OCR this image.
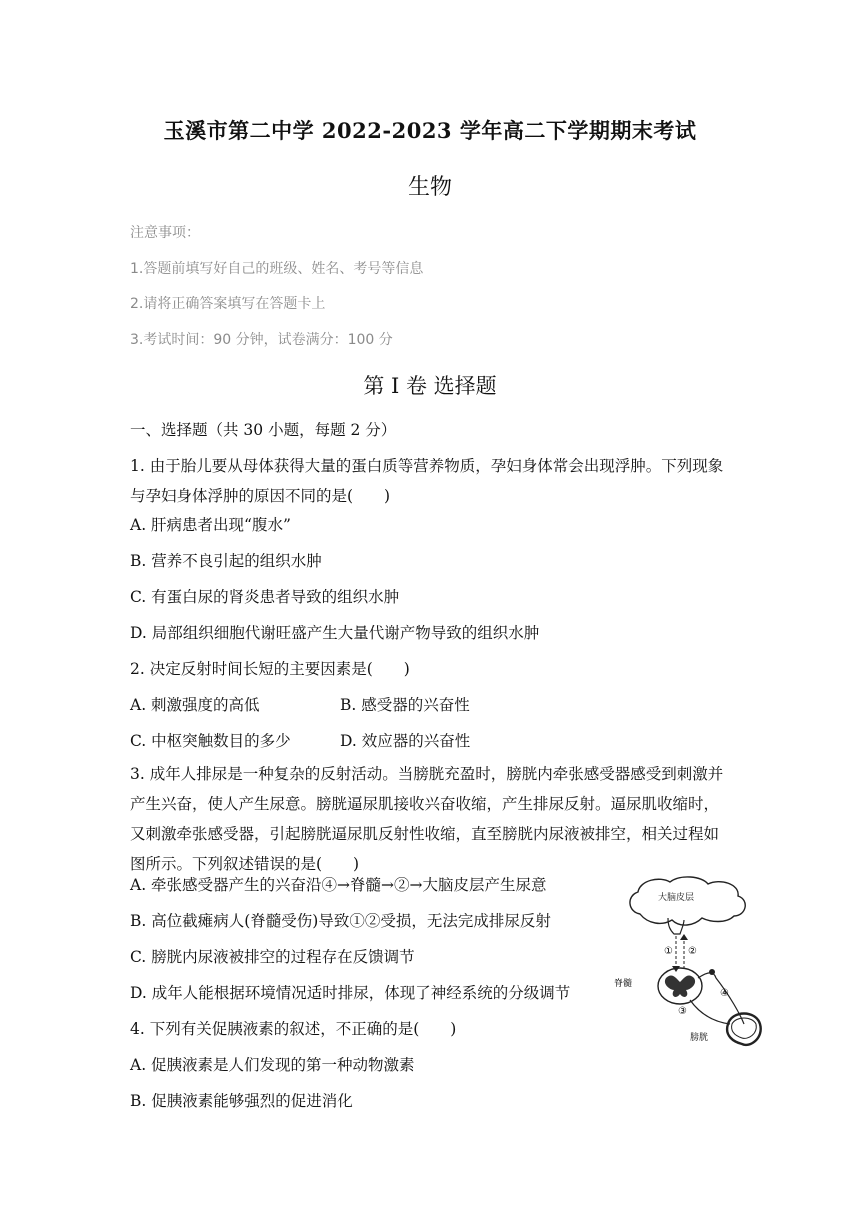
玉溪市第二中学 2022-2023 学年高二下学期期末考试
生物
注意事项：
1.答题前填写好自己的班级、姓名、考号等信息
2.请将正确答案填写在答题卡上
3.考试时间：90 分钟，试卷满分：100 分
第 I 卷 选择题
一、选择题（共 30 小题，每题 2 分）
1. 由于胎儿要从母体获得大量的蛋白质等营养物质，孕妇身体常会出现浮肿。下列现象与孕妇身体浮肿的原因不同的是(　　)
A. 肝病患者出现“腹水”
B. 营养不良引起的组织水肿
C. 有蛋白尿的肾炎患者导致的组织水肿
D. 局部组织细胞代谢旺盛产生大量代谢产物导致的组织水肿
2. 决定反射时间长短的主要因素是(　　)
A. 刺激强度的高低	B. 感受器的兴奋性
C. 中枢突触数目的多少	D. 效应器的兴奋性
3. 成年人排尿是一种复杂的反射活动。当膀胱充盈时，膀胱内牵张感受器感受到刺激并产生兴奋，使人产生尿意。膀胱逼尿肌接收兴奋收缩，产生排尿反射。逼尿肌收缩时，又刺激牵张感受器，引起膀胱逼尿肌反射性收缩，直至膀胱内尿液被排空，相关过程如图所示。下列叙述错误的是(　　)
A. 牵张感受器产生的兴奋沿④→脊髓→②→大脑皮层产生尿意
B. 高位截瘫病人(脊髓受伤)导致①②受损，无法完成排尿反射
C. 膀胱内尿液被排空的过程存在反馈调节
D. 成年人能根据环境情况适时排尿，体现了神经系统的分级调节
大脑皮层
① ②
脊髓
③
④
膀胱
4. 下列有关促胰液素的叙述，不正确的是(　　)
A. 促胰液素是人们发现的第一种动物激素
B. 促胰液素能够强烈的促进消化
